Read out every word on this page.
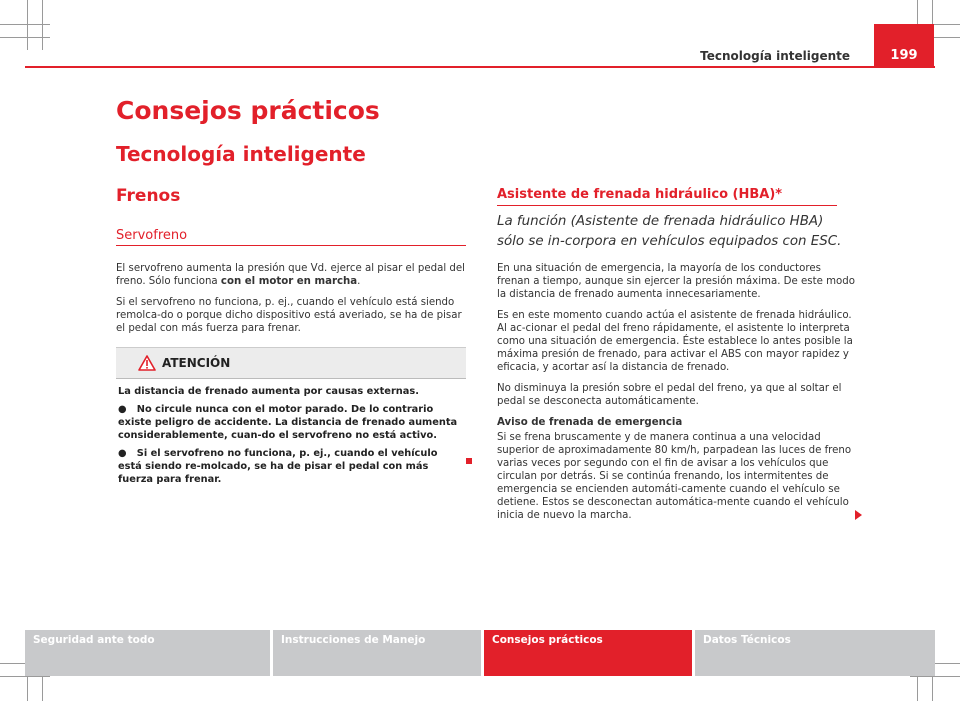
Tecnología inteligente	199
Consejos prácticos
Tecnología inteligente
Frenos
Servofreno

El servofreno aumenta la presión que Vd. ejerce al pisar el pedal del freno. Sólo funciona con el motor en marcha.

Si el servofreno no funciona, p. ej., cuando el vehículo está siendo remolca-do o porque dicho dispositivo está averiado, se ha de pisar el pedal con más fuerza para frenar.

ATENCIÓN

La distancia de frenado aumenta por causas externas.

● No circule nunca con el motor parado. De lo contrario existe peligro de accidente. La distancia de frenado aumenta considerablemente, cuan-do el servofreno no está activo.

● Si el servofreno no funciona, p. ej., cuando el vehículo está siendo re-molcado, se ha de pisar el pedal con más fuerza para frenar.

Asistente de frenada hidráulico (HBA)*
La función (Asistente de frenada hidráulico HBA) sólo se in-corpora en vehículos equipados con ESC.

En una situación de emergencia, la mayoría de los conductores frenan a tiempo, aunque sin ejercer la presión máxima. De este modo la distancia de frenado aumenta innecesariamente.

Es en este momento cuando actúa el asistente de frenada hidráulico. Al ac-cionar el pedal del freno rápidamente, el asistente lo interpreta como una situación de emergencia. Éste establece lo antes posible la máxima presión de frenado, para activar el ABS con mayor rapidez y eficacia, y acortar así la distancia de frenado.

No disminuya la presión sobre el pedal del freno, ya que al soltar el pedal se desconecta automáticamente.

Aviso de frenada de emergencia

Si se frena bruscamente y de manera continua a una velocidad superior de aproximadamente 80 km/h, parpadean las luces de freno varias veces por segundo con el fin de avisar a los vehículos que circulan por detrás. Si se continúa frenando, los intermitentes de emergencia se encienden automáti-camente cuando el vehículo se detiene. Estos se desconectan automática-mente cuando el vehículo inicia de nuevo la marcha.

Seguridad ante todo	Instrucciones de Manejo	Consejos prácticos	Datos Técnicos
